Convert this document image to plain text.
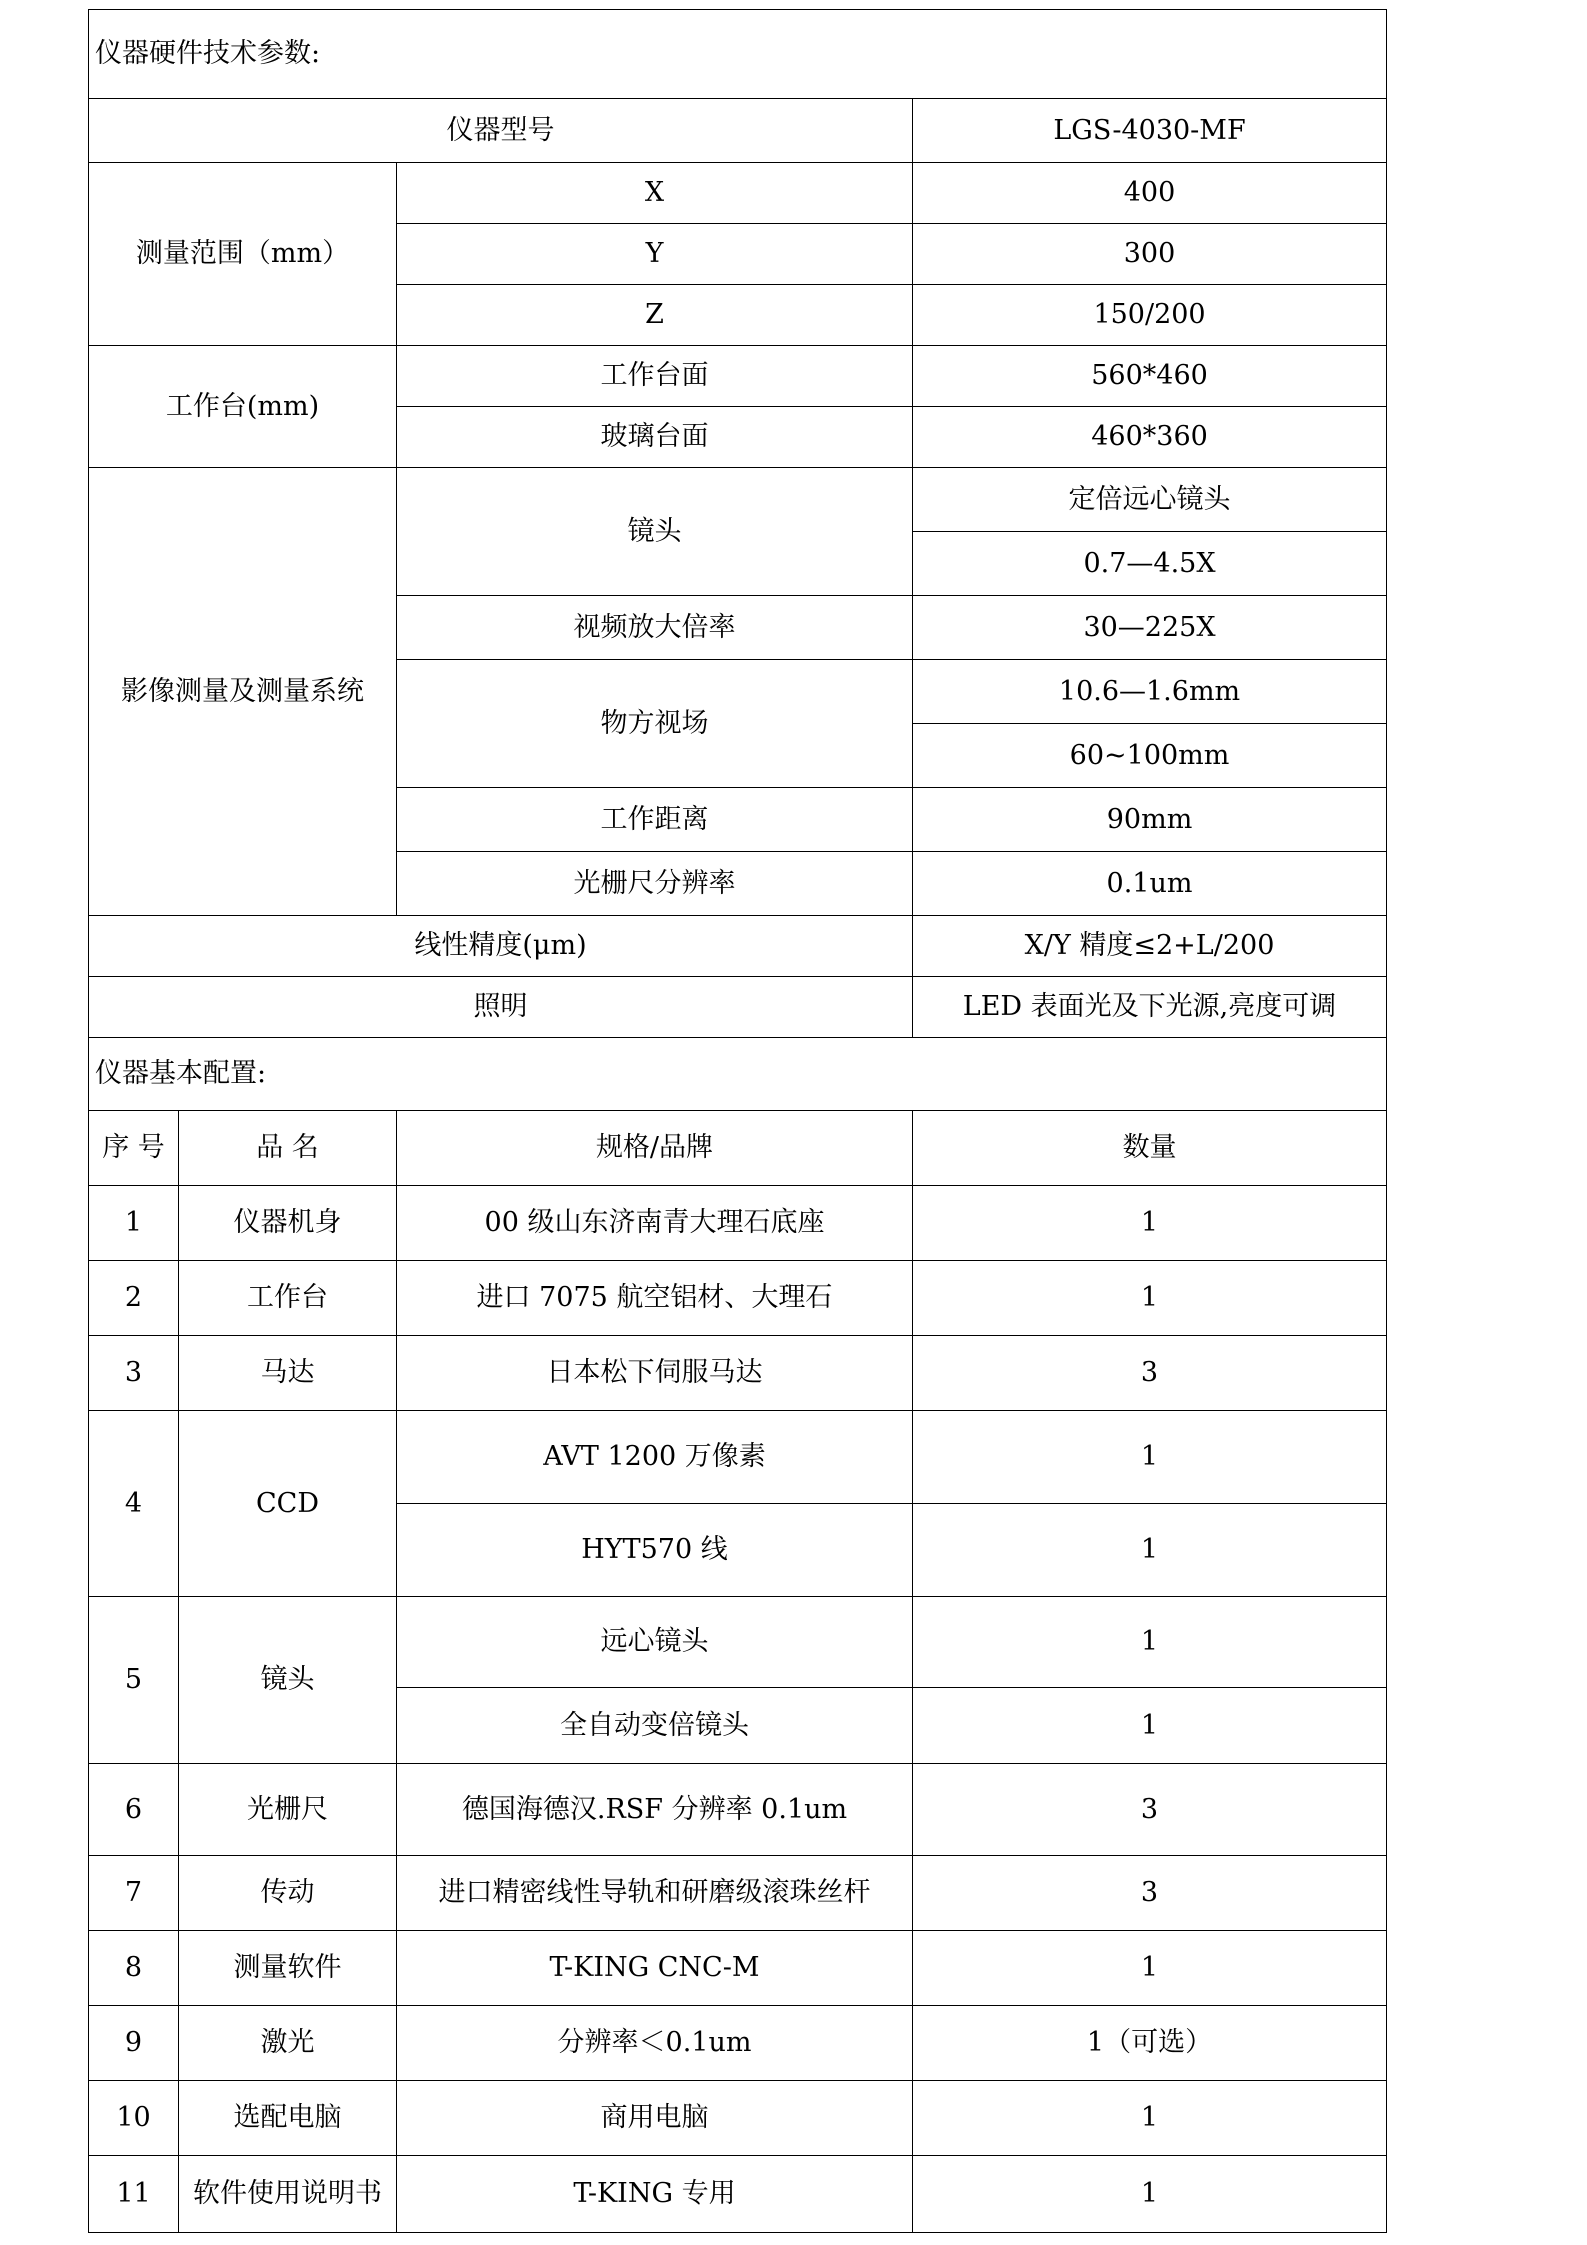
仪器硬件技术参数:			
仪器型号			LGS-4030-MF
测量范围（mm）		X	400
		Y	300
		Z	150/200
工作台(mm)		工作台面	560*460
		玻璃台面	460*360
影像测量及测量系统		镜头	定倍远心镜头
			0.7—4.5X
		视频放大倍率	30—225X
		物方视场	10.6—1.6mm
			60~100mm
		工作距离	90mm
		光栅尺分辨率	0.1um
线性精度(μm)			X/Y 精度≤2+L/200
照明			LED 表面光及下光源,亮度可调
仪器基本配置:			
序 号	品 名	规格/品牌	数量
1	仪器机身	00 级山东济南青大理石底座	1
2	工作台	进口 7075 航空铝材、大理石	1
3	马达	日本松下伺服马达	3
4	CCD	AVT 1200 万像素	1
		HYT570 线	1
5	镜头	远心镜头	1
		全自动变倍镜头	1
6	光栅尺	德国海德汉.RSF 分辨率 0.1um	3
7	传动	进口精密线性导轨和研磨级滚珠丝杆	3
8	测量软件	T-KING CNC-M	1
9	激光	分辨率＜0.1um	1（可选）
10	选配电脑	商用电脑	1
11	软件使用说明书	T-KING 专用	1
